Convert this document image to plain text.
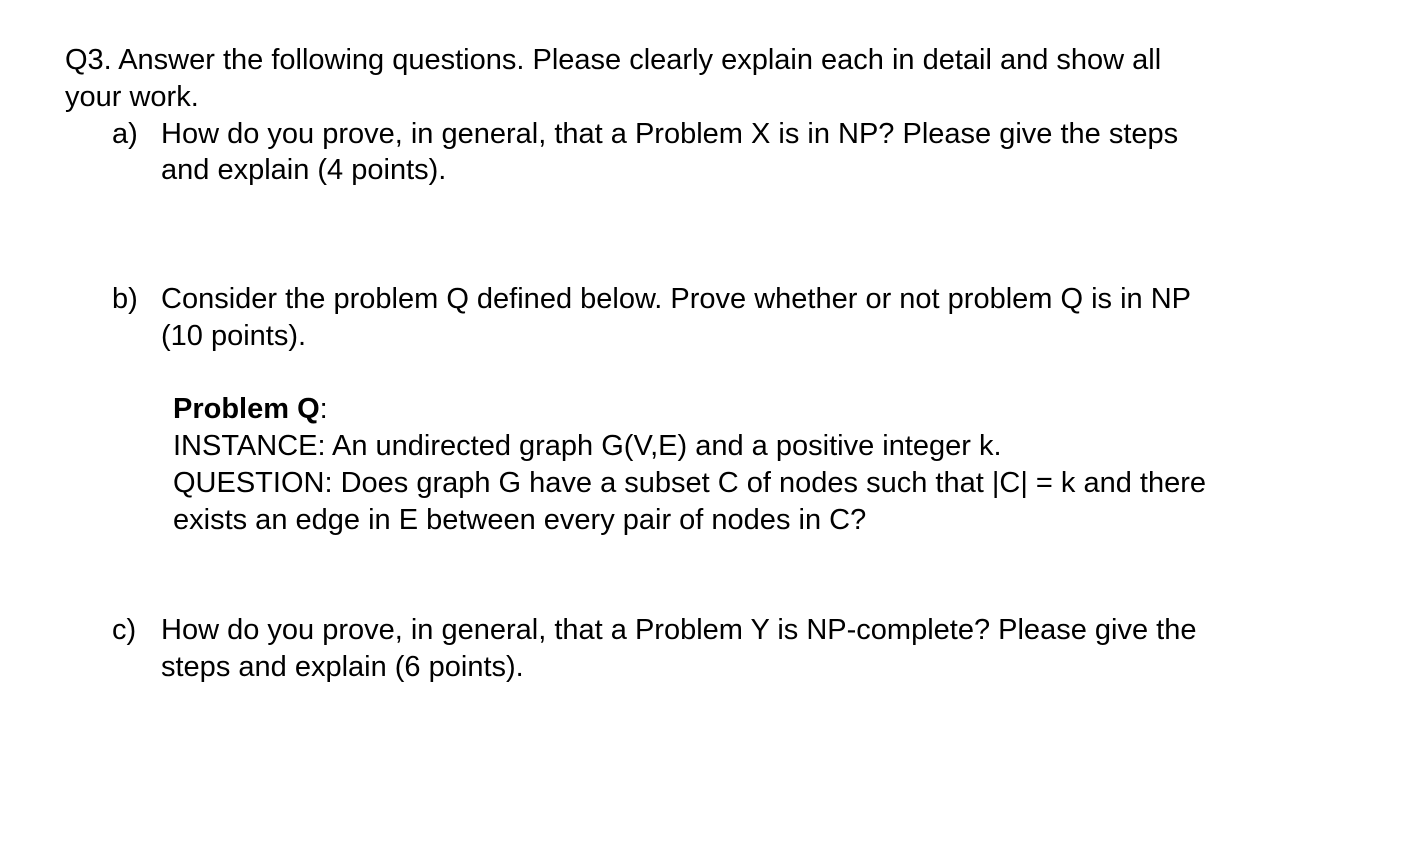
Q3. Answer the following questions. Please clearly explain each in detail and show all
your work.
a) How do you prove, in general, that a Problem X is in NP? Please give the steps
and explain (4 points).
b) Consider the problem Q defined below. Prove whether or not problem Q is in NP
(10 points).
Problem Q:
INSTANCE: An undirected graph G(V,E) and a positive integer k.
QUESTION: Does graph G have a subset C of nodes such that |C| = k and there
exists an edge in E between every pair of nodes in C?
c) How do you prove, in general, that a Problem Y is NP-complete? Please give the
steps and explain (6 points).
